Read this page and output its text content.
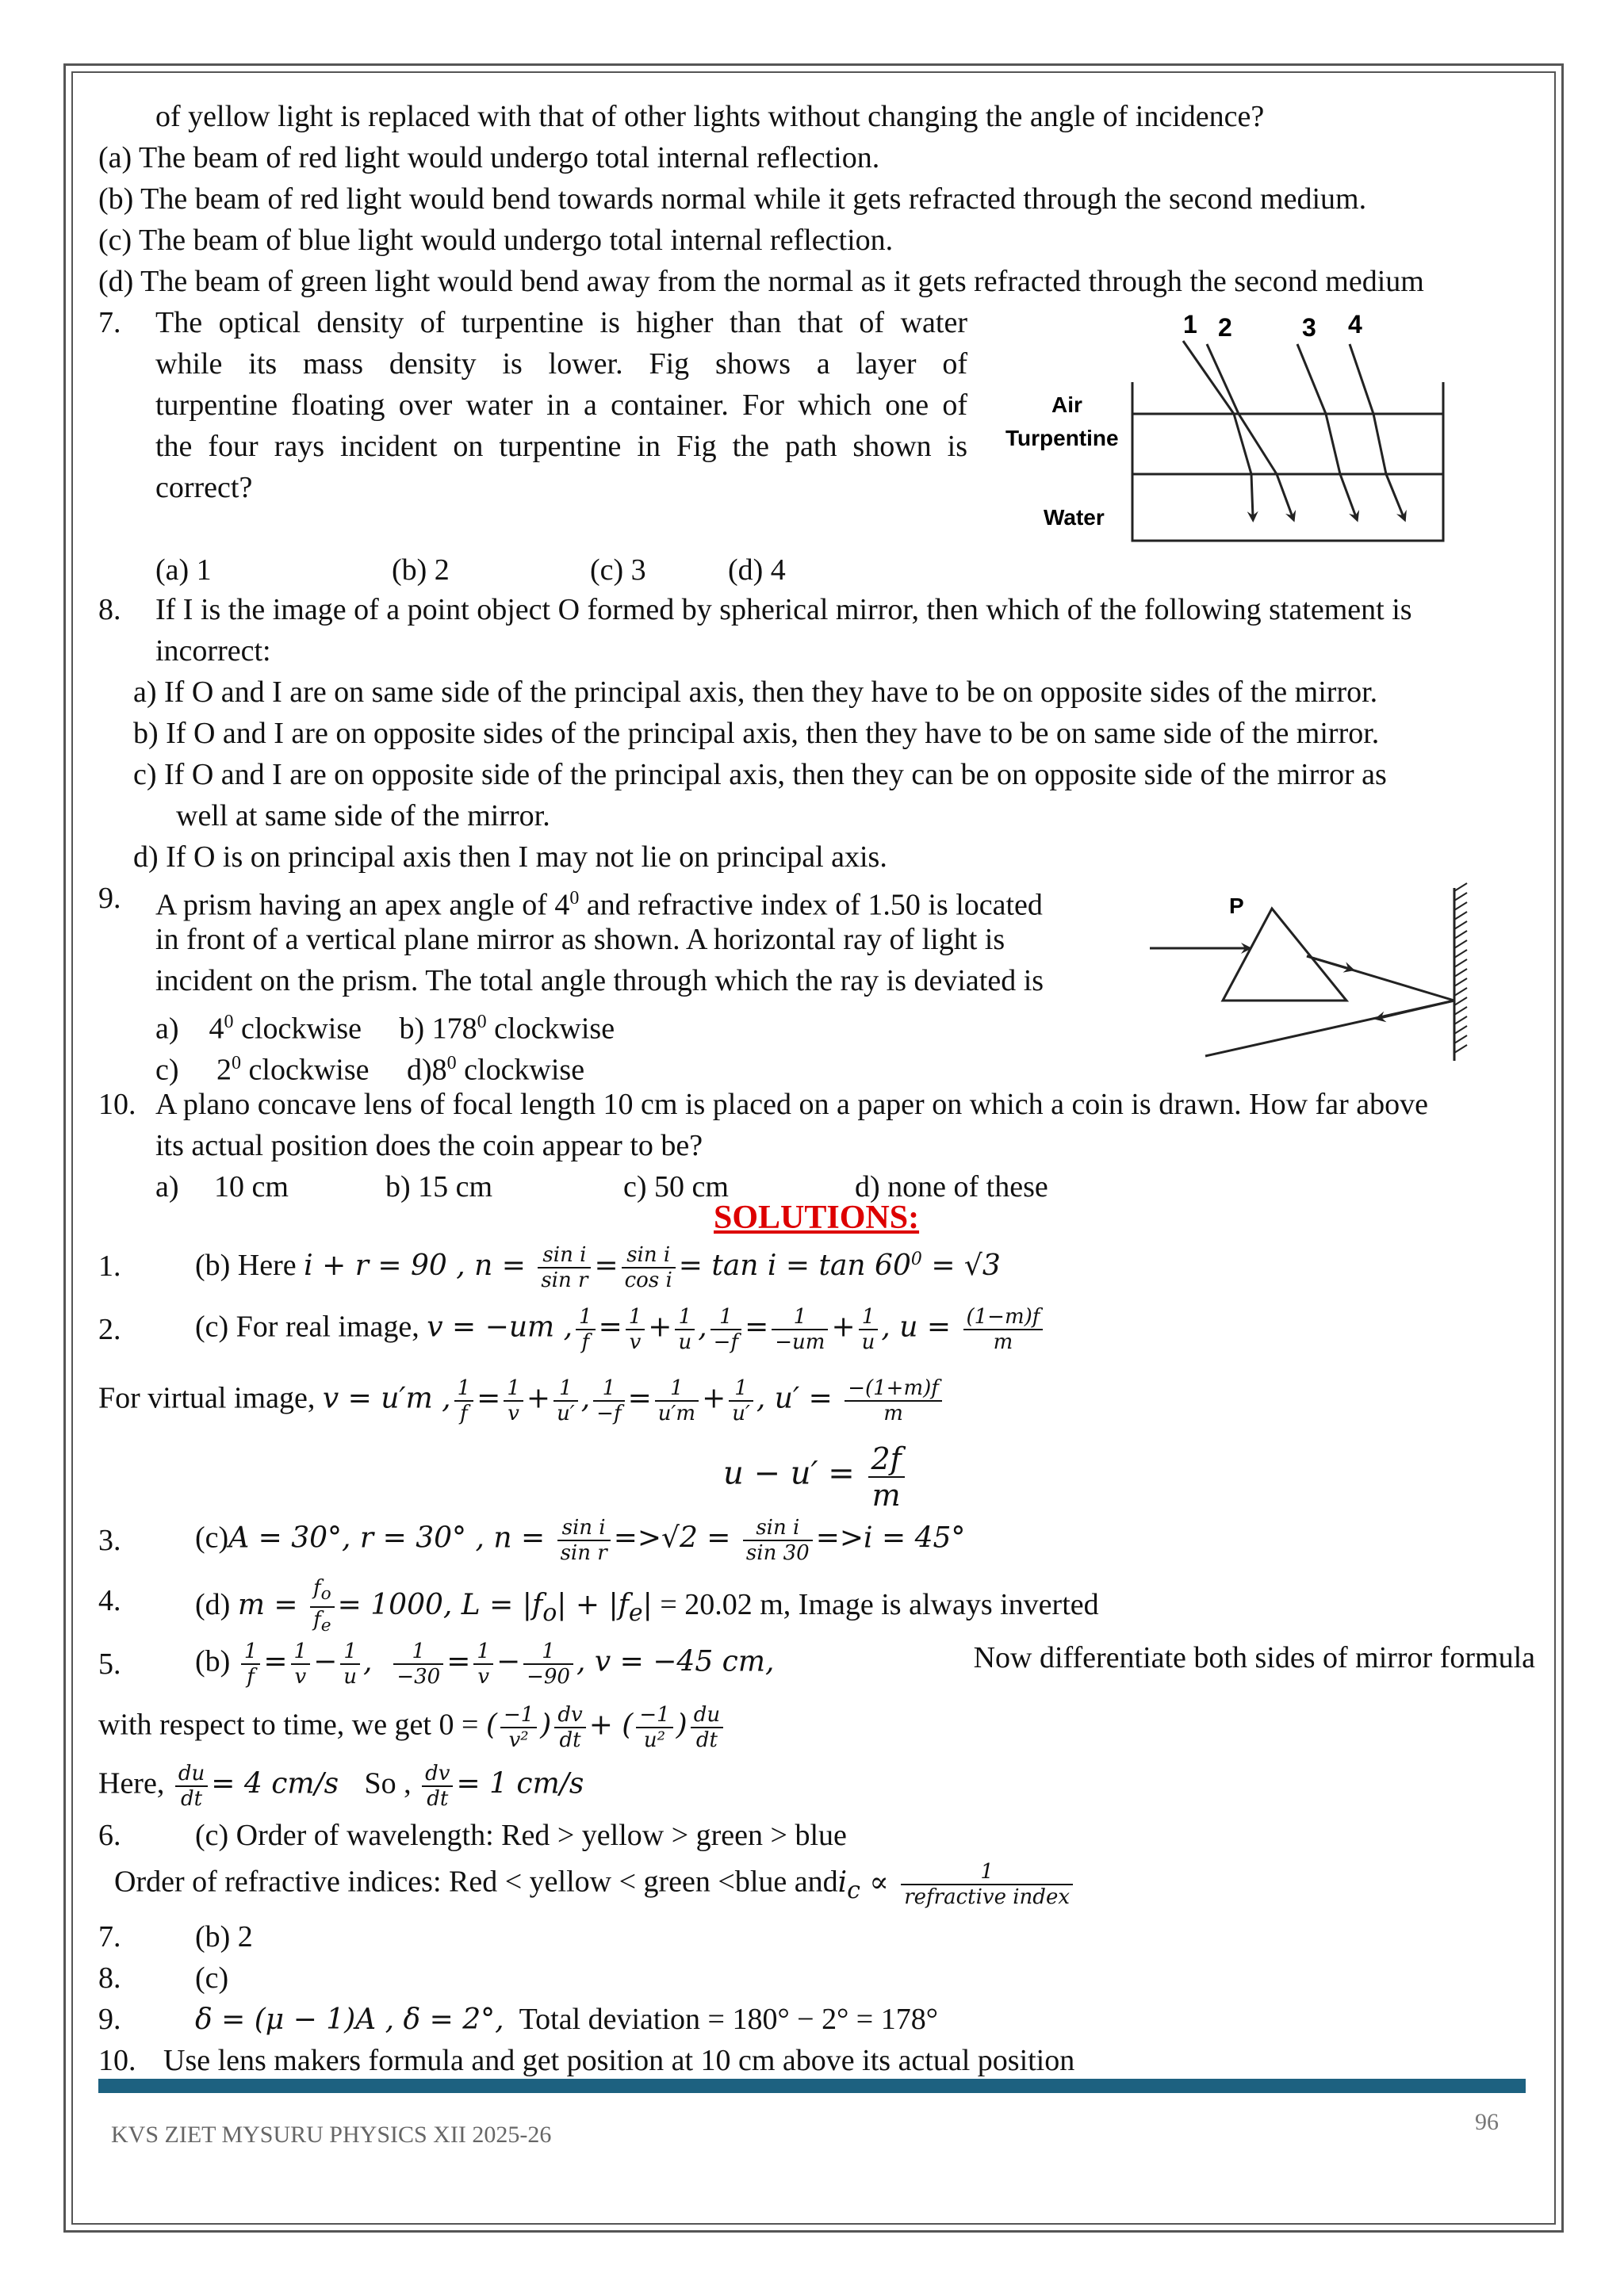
of yellow light is replaced with that of other lights without changing the angle of incidence?
(a) The beam of red light would undergo total internal reflection.
(b) The beam of red light would bend towards normal while it gets refracted through the second medium.
(c) The beam of blue light would undergo total internal reflection.
(d) The beam of green light would bend away from the normal as it gets refracted through the second medium
7. The optical density of turpentine is higher than that of water
while its mass density is lower. Fig shows a layer of
turpentine floating over water in a container. For which one of
the four rays incident on turpentine in Fig the path shown is
correct?
(a) 1	(b) 2	(c) 3	(d) 4
1 2	3 4
Air
Turpentine
Water
8. If I is the image of a point object O formed by spherical mirror, then which of the following statement is
incorrect:
a) If O and I are on same side of the principal axis, then they have to be on opposite sides of the mirror.
b) If O and I are on opposite sides of the principal axis, then they have to be on same side of the mirror.
c) If O and I are on opposite side of the principal axis, then they can be on opposite side of the mirror as
well at same side of the mirror.
d) If O is on principal axis then I may not lie on principal axis.
9. A prism having an apex angle of $4^0$ and refractive index of 1.50 is located
in front of a vertical plane mirror as shown. A horizontal ray of light is
incident on the prism. The total angle through which the ray is deviated is
a) $4^0$ clockwise b) $178^0$ clockwise
c) $2^0$ clockwise $d)8^0$ clockwise
P
10. A plano concave lens of focal length 10 cm is placed on a paper on which a coin is drawn. How far above
its actual position does the coin appear to be?
a) 10 cm	b) 15 cm	c) 50 cm	d) none of these
SOLUTIONS:
1. (b) Here i + r = 90 , $n = \frac{\text{sin i}}{\text{sin r}} = \frac{\text{sin i}}{\text{cos i}} = \tan i = \tan 60^0 = √3$
2. (c) For real image, v = −um , $\frac{1}{f} = \frac{1}{v} + \frac{1}{u}$ , $\frac{1}{-f} = \frac{1}{-um} + \frac{1}{u}$ , $u = \frac{(1-m)f}{m}$
For virtual image, v = u′m , $\frac{1}{f} = \frac{1}{v} + \frac{1}{u'}$ , $\frac{1}{-f} = \frac{1}{u'm} + \frac{1}{u'}$ , $u' = \frac{-(1+m)f}{m}$
$u - u' = \frac{2f}{m}$
3. (c)A = 30°, r = 30° , $n = \frac{\text{sin i}}{\text{sin r}} =>√2 = \frac{\text{sin i}}{\sin 30} =>i = 45^\circ$
4. (d) $m = \frac{f_o}{f_e} = 1000$, $L = |f_o| + |f_e| = 20.02$ m, Image is always inverted
5. $(b) \frac{1}{f} = \frac{1}{v} - \frac{1}{u}$ , $\frac{1}{-30} = \frac{1}{v} - \frac{1}{-90}$ , v = −45 cm,	Now differentiate both sides of mirror formula
with respect to time, we get 0 = ( $\frac{-1}{\text{v²}}$ ) $\frac{dv}{dt}$ + ( $\frac{-1}{\text{u²}}$ ) $\frac{du}{dt}$
Here, $\frac{du}{dt} = 4$ cm/s   So , $\frac{dv}{dt} = 1$ cm/s
6. (c) Order of wavelength: Red > yellow > green > blue
Order of refractive indices: Red < yellow < green <blue andi$_c$ ∝ $\frac{1}{\text{refractive index}}$
7. (b) 2
8. (c)
9.	δ = (μ − 1)A , δ = 2°, Total deviation = 180° − 2° = 178°
10. Use lens makers formula and get position at 10 cm above its actual position
KVS ZIET MYSURU PHYSICS XII 2025-26	96
